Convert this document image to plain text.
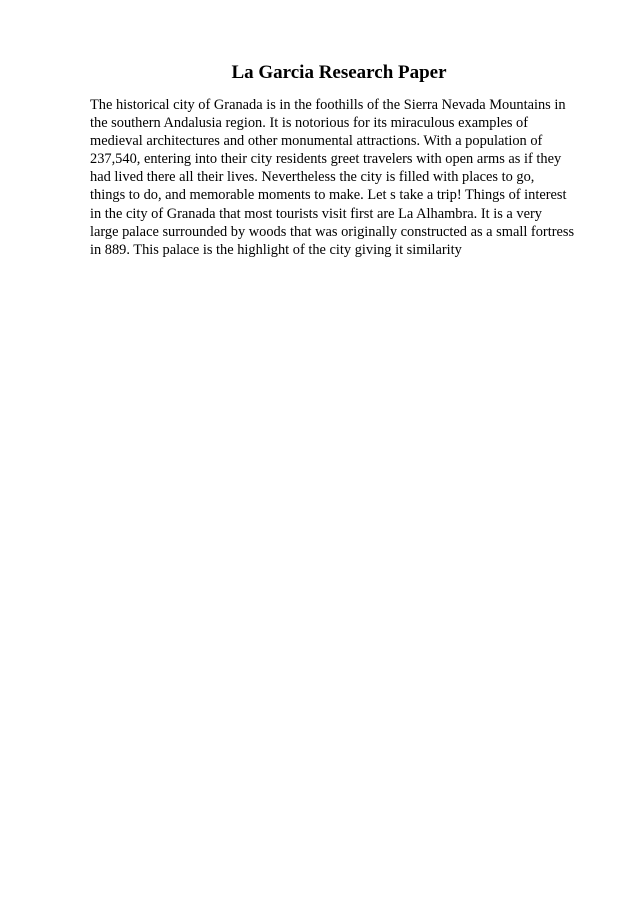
La Garcia Research Paper
The historical city of Granada is in the foothills of the Sierra Nevada Mountains in
the southern Andalusia region. It is notorious for its miraculous examples of
medieval architectures and other monumental attractions. With a population of
237,540, entering into their city residents greet travelers with open arms as if they
had lived there all their lives. Nevertheless the city is filled with places to go,
things to do, and memorable moments to make. Let s take a trip! Things of interest
in the city of Granada that most tourists visit first are La Alhambra. It is a very
large palace surrounded by woods that was originally constructed as a small fortress
in 889. This palace is the highlight of the city giving it similarity
